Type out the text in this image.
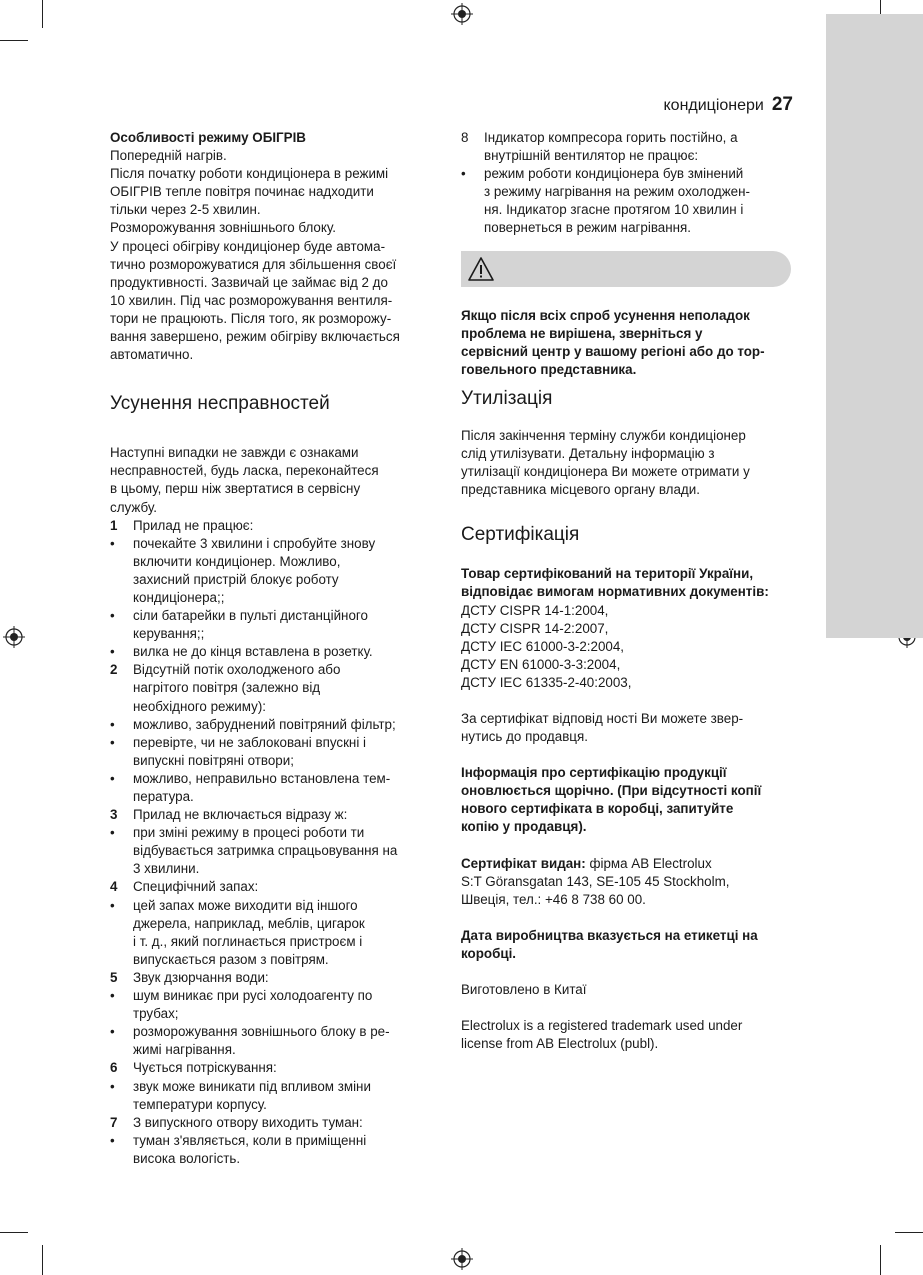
кондиціонери 27

Особливості режиму ОБІГРІВ

Попередній нагрів.

Після початку роботи кондиціонера в режимі

ОБІГРІВ тепле повітря починає надходити

тільки через 2-5 хвилин.

Розморожування зовнішнього блоку.

У процесі обігріву кондиціонер буде автома-

тично розморожуватися для збільшення своєї

продуктивності. Зазвичай це займає від 2 до

10 хвилин. Під час розморожування вентиля-

тори не працюють. Після того, як розморожу-

вання завершено, режим обігріву включається

автоматично.

Усунення несправностей

Наступні випадки не завжди є ознаками

несправностей, будь ласка, переконайтеся

в цьому, перш ніж звертатися в сервісну

службу.

1 Прилад не працює:

• почекайте 3 хвилини і спробуйте знову

включити кондиціонер. Можливо,

захисний пристрій блокує роботу

кондиціонера;;

• сіли батарейки в пульті дистанційного

керування;;

• вилка не до кінця вставлена в розетку.

2 Відсутній потік охолодженого або

нагрітого повітря (залежно від

необхідного режиму):

• можливо, забруднений повітряний фільтр;

• перевірте, чи не заблоковані впускні і

випускні повітряні отвори;

• можливо, неправильно встановлена тем-

пература.

3 Прилад не включається відразу ж:

• при зміні режиму в процесі роботи ти

відбувається затримка спрацьовування на

3 хвилини.

4 Специфічний запах:

• цей запах може виходити від іншого

джерела, наприклад, меблів, цигарок

і т. д., який поглинається пристроєм і

випускається разом з повітрям.

5 Звук дзюрчання води:

• шум виникає при русі холодоагенту по

трубах;

• розморожування зовнішнього блоку в ре-

жимі нагрівання.

6 Чується потріскування:

• звук може виникати під впливом зміни

температури корпусу.

7 З випускного отвору виходить туман:

• туман з'являється, коли в приміщенні

висока вологість.

8 Індикатор компресора горить постійно, а

внутрішній вентилятор не працює:

• режим роботи кондиціонера був змінений

з режиму нагрівання на режим охолоджен-

ня. Індикатор згасне протягом 10 хвилин і

повернеться в режим нагрівання.

Якщо після всіх спроб усунення неполадок

проблема не вирішена, зверніться у

сервісний центр у вашому регіоні або до тор-

говельного представника.

Утилізація

Після закінчення терміну служби кондиціонер

слід утилізувати. Детальну інформацію з

утилізації кондиціонера Ви можете отримати у

представника місцевого органу влади.

Сертифікація

Товар сертифікований на території України,

відповідає вимогам нормативних документів:

ДСТУ CISPR 14-1:2004,

ДСТУ CISPR 14-2:2007,

ДСТУ IEC 61000-3-2:2004,

ДСТУ EN 61000-3-3:2004,

ДСТУ IEC 61335-2-40:2003,

За сертифікат відповід ності Ви можете звер-

нутись до продавця.

Інформація про сертифікацію продукції

оновлюється щорічно. (При відсутності копії

нового сертифіката в коробці, запитуйте

копію у продавця).

Сертифікат видан: фірма AB Electrolux

S:T Göransgatan 143, SE-105 45 Stockholm,

Швеція, тел.: +46 8 738 60 00.

Дата виробництва вказується на етикетці на

коробці.

Виготовлено в Китаї

Electrolux is a registered trademark used under

license from AB Electrolux (publ).
